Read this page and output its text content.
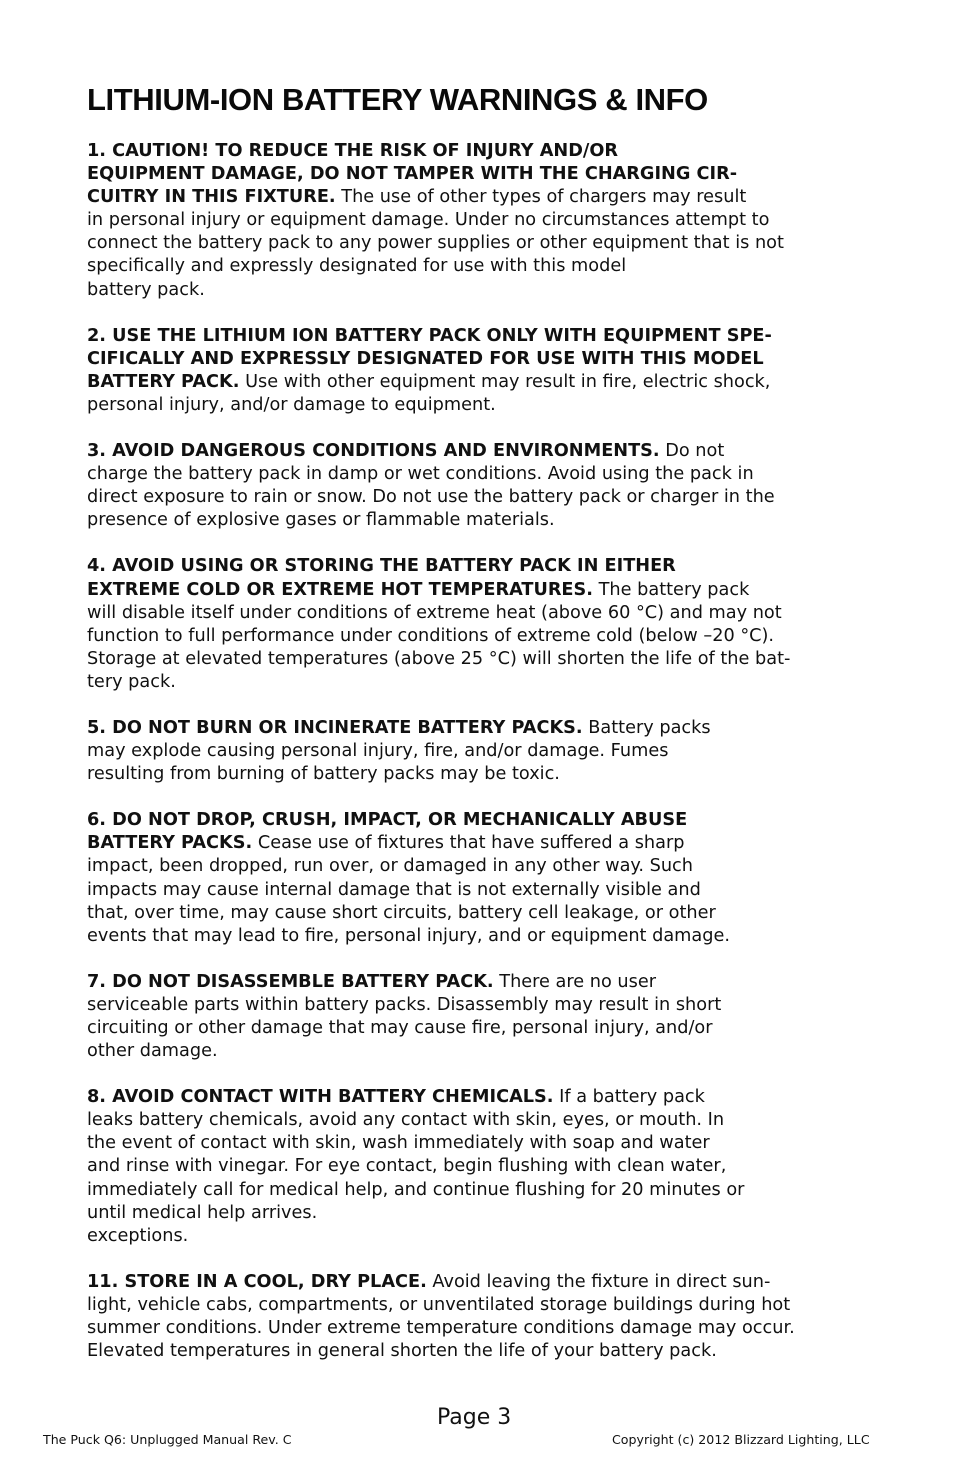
LITHIUM-ION BATTERY WARNINGS & INFO
1. CAUTION! TO REDUCE THE RISK OF INJURY AND/OR
EQUIPMENT DAMAGE, DO NOT TAMPER WITH THE CHARGING CIR-
CUITRY IN THIS FIXTURE. The use of other types of chargers may result
in personal injury or equipment damage. Under no circumstances attempt to
connect the battery pack to any power supplies or other equipment that is not
specifically and expressly designated for use with this model
battery pack.
2. USE THE LITHIUM ION BATTERY PACK ONLY WITH EQUIPMENT SPE-
CIFICALLY AND EXPRESSLY DESIGNATED FOR USE WITH THIS MODEL
BATTERY PACK. Use with other equipment may result in fire, electric shock,
personal injury, and/or damage to equipment.
3. AVOID DANGEROUS CONDITIONS AND ENVIRONMENTS. Do not
charge the battery pack in damp or wet conditions. Avoid using the pack in
direct exposure to rain or snow. Do not use the battery pack or charger in the
presence of explosive gases or flammable materials.
4. AVOID USING OR STORING THE BATTERY PACK IN EITHER
EXTREME COLD OR EXTREME HOT TEMPERATURES. The battery pack
will disable itself under conditions of extreme heat (above 60 °C) and may not
function to full performance under conditions of extreme cold (below –20 °C).
Storage at elevated temperatures (above 25 °C) will shorten the life of the bat-
tery pack.
5. DO NOT BURN OR INCINERATE BATTERY PACKS. Battery packs
may explode causing personal injury, fire, and/or damage. Fumes
resulting from burning of battery packs may be toxic.
6. DO NOT DROP, CRUSH, IMPACT, OR MECHANICALLY ABUSE
BATTERY PACKS. Cease use of fixtures that have suffered a sharp
impact, been dropped, run over, or damaged in any other way. Such
impacts may cause internal damage that is not externally visible and
that, over time, may cause short circuits, battery cell leakage, or other
events that may lead to fire, personal injury, and or equipment damage.
7. DO NOT DISASSEMBLE BATTERY PACK. There are no user
serviceable parts within battery packs. Disassembly may result in short
circuiting or other damage that may cause fire, personal injury, and/or
other damage.
8. AVOID CONTACT WITH BATTERY CHEMICALS. If a battery pack
leaks battery chemicals, avoid any contact with skin, eyes, or mouth. In
the event of contact with skin, wash immediately with soap and water
and rinse with vinegar. For eye contact, begin flushing with clean water,
immediately call for medical help, and continue flushing for 20 minutes or
until medical help arrives.
exceptions.
11. STORE IN A COOL, DRY PLACE. Avoid leaving the fixture in direct sun-
light, vehicle cabs, compartments, or unventilated storage buildings during hot
summer conditions. Under extreme temperature conditions damage may occur.
Elevated temperatures in general shorten the life of your battery pack.
Page 3
The Puck Q6: Unplugged Manual Rev. C	Copyright (c) 2012 Blizzard Lighting, LLC
